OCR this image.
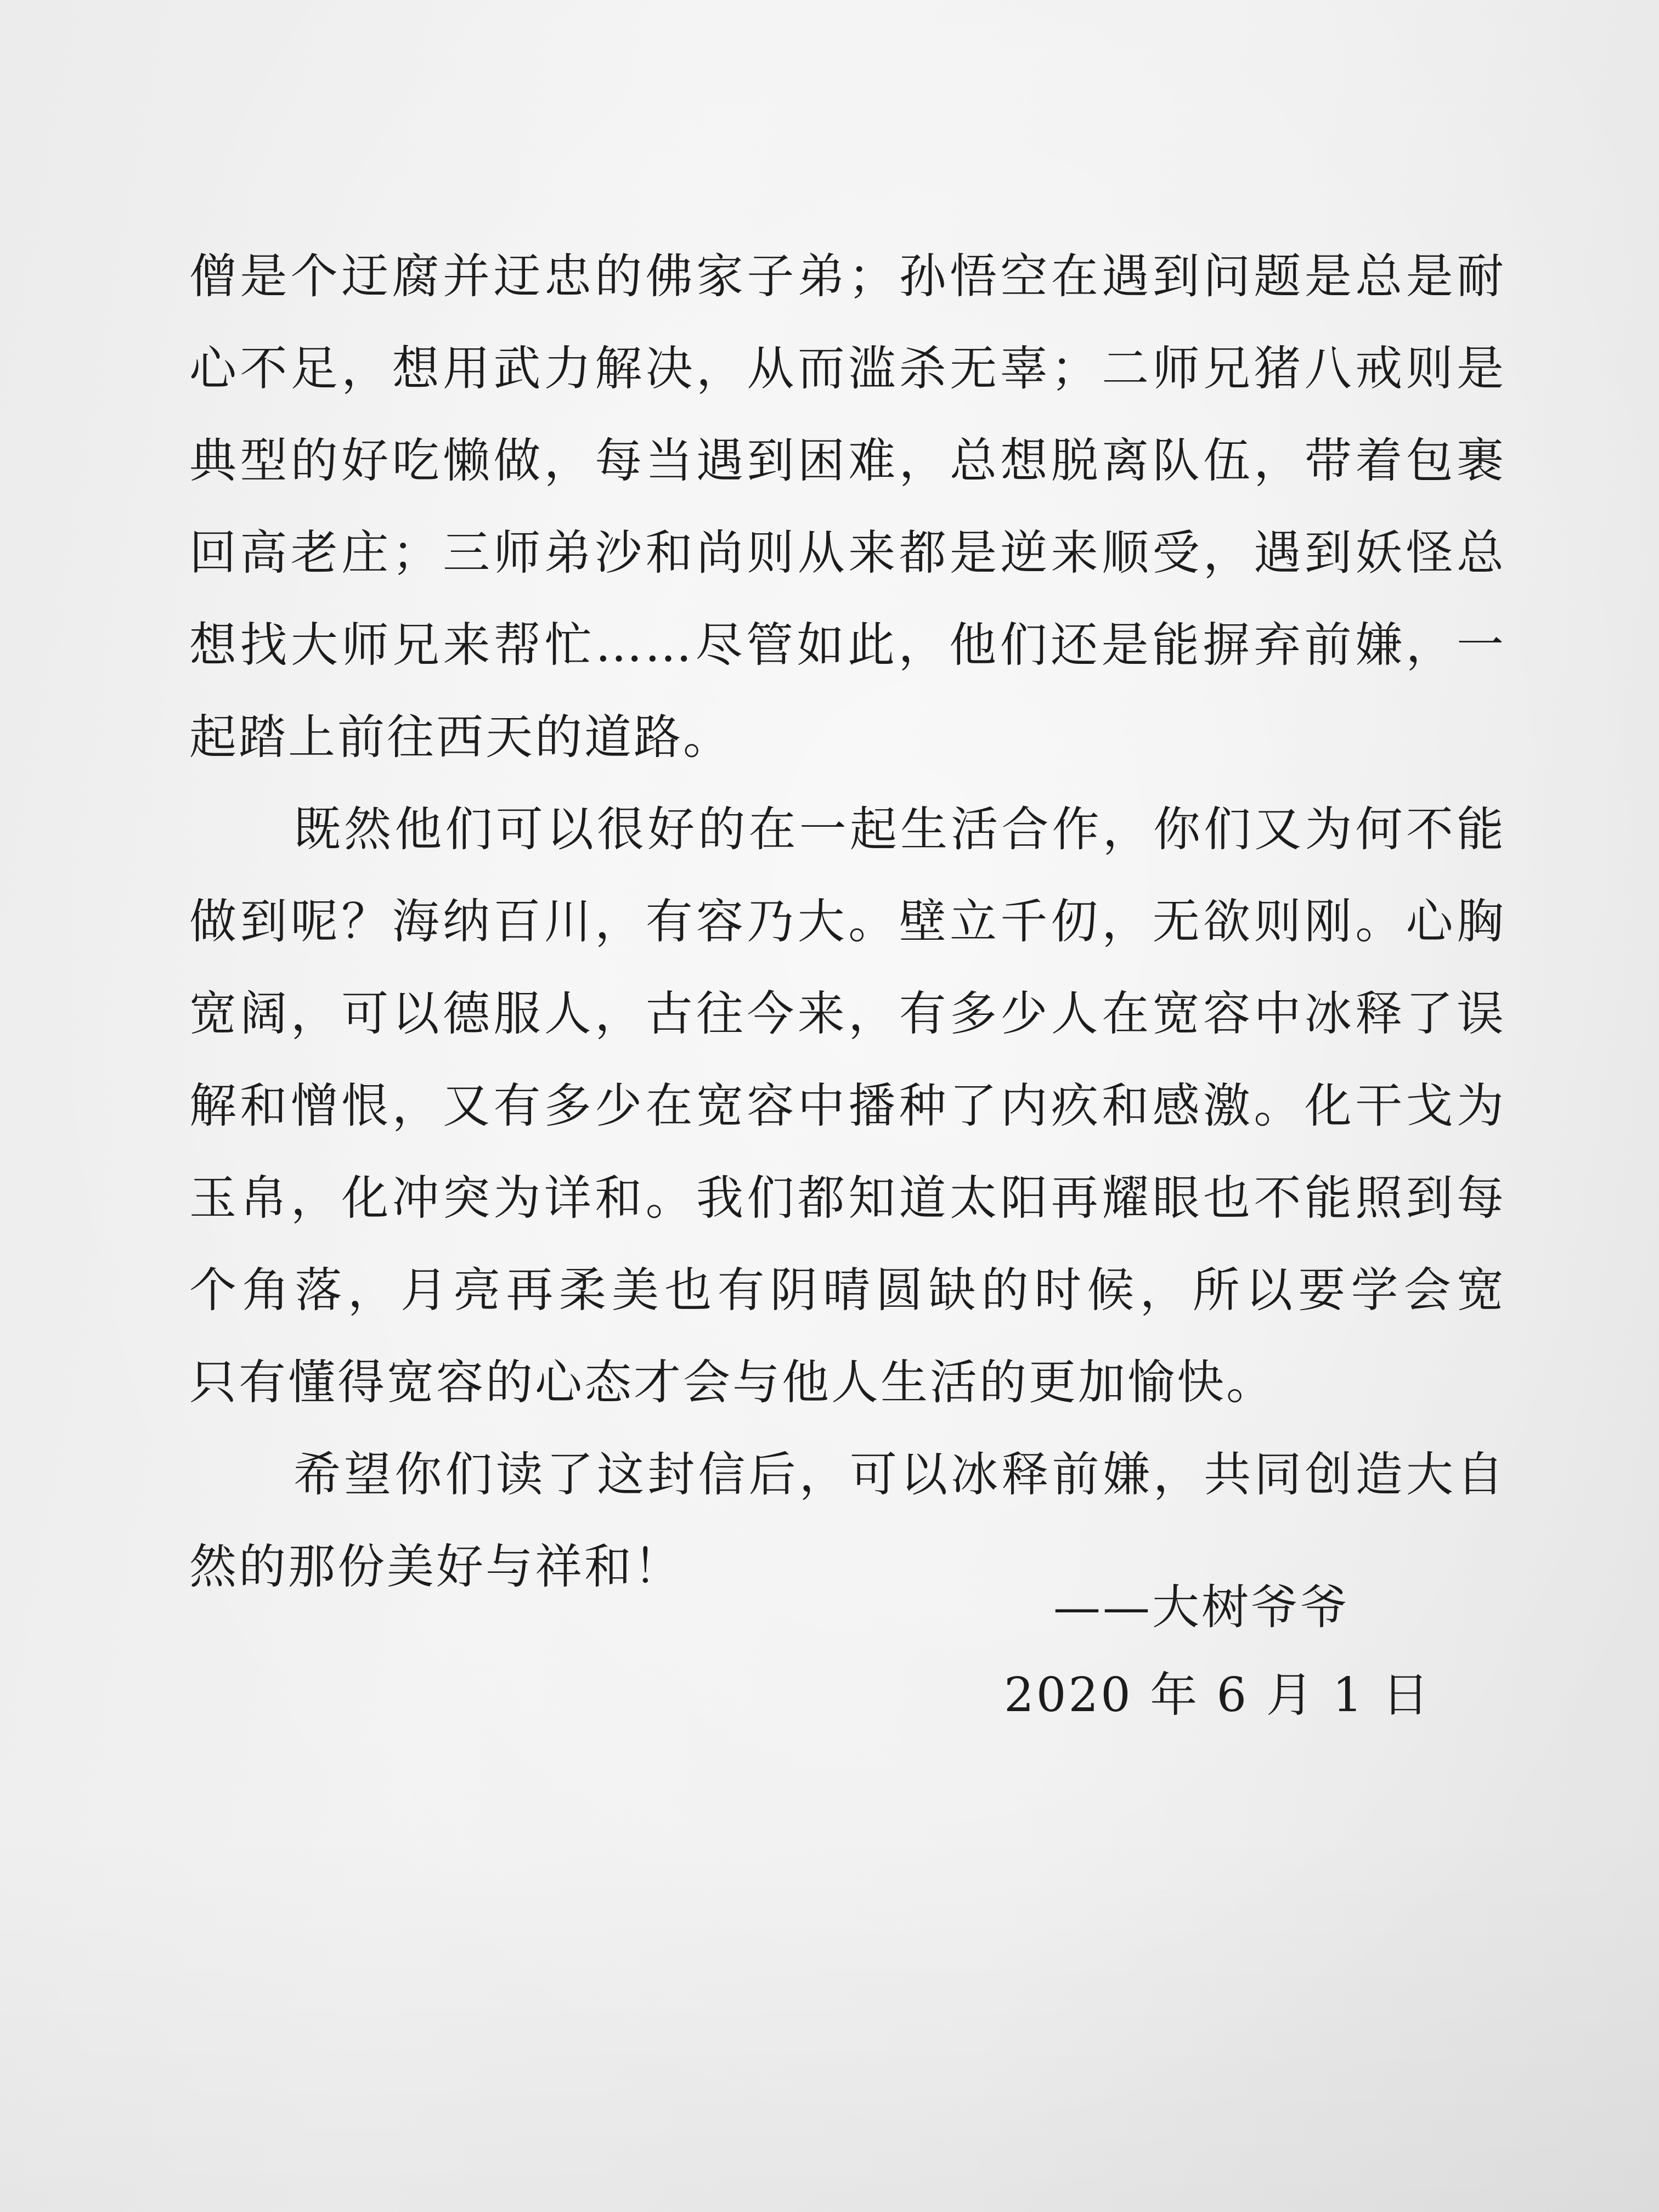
僧是个迂腐并迂忠的佛家子弟；孙悟空在遇到问题是总是耐
心不足，想用武力解决，从而滥杀无辜；二师兄猪八戒则是
典型的好吃懒做，每当遇到困难，总想脱离队伍，带着包裹
回高老庄；三师弟沙和尚则从来都是逆来顺受，遇到妖怪总
想找大师兄来帮忙……尽管如此，他们还是能摒弃前嫌，一
起踏上前往西天的道路。
既然他们可以很好的在一起生活合作，你们又为何不能
做到呢？海纳百川，有容乃大。壁立千仞，无欲则刚。心胸
宽阔，可以德服人，古往今来，有多少人在宽容中冰释了误
解和憎恨，又有多少在宽容中播种了内疚和感激。化干戈为
玉帛，化冲突为详和。我们都知道太阳再耀眼也不能照到每
个角落，月亮再柔美也有阴晴圆缺的时候，所以要学会宽
只有懂得宽容的心态才会与他人生活的更加愉快。
希望你们读了这封信后，可以冰释前嫌，共同创造大自
然的那份美好与祥和！
——大树爷爷
2020 年 6 月 1 日
